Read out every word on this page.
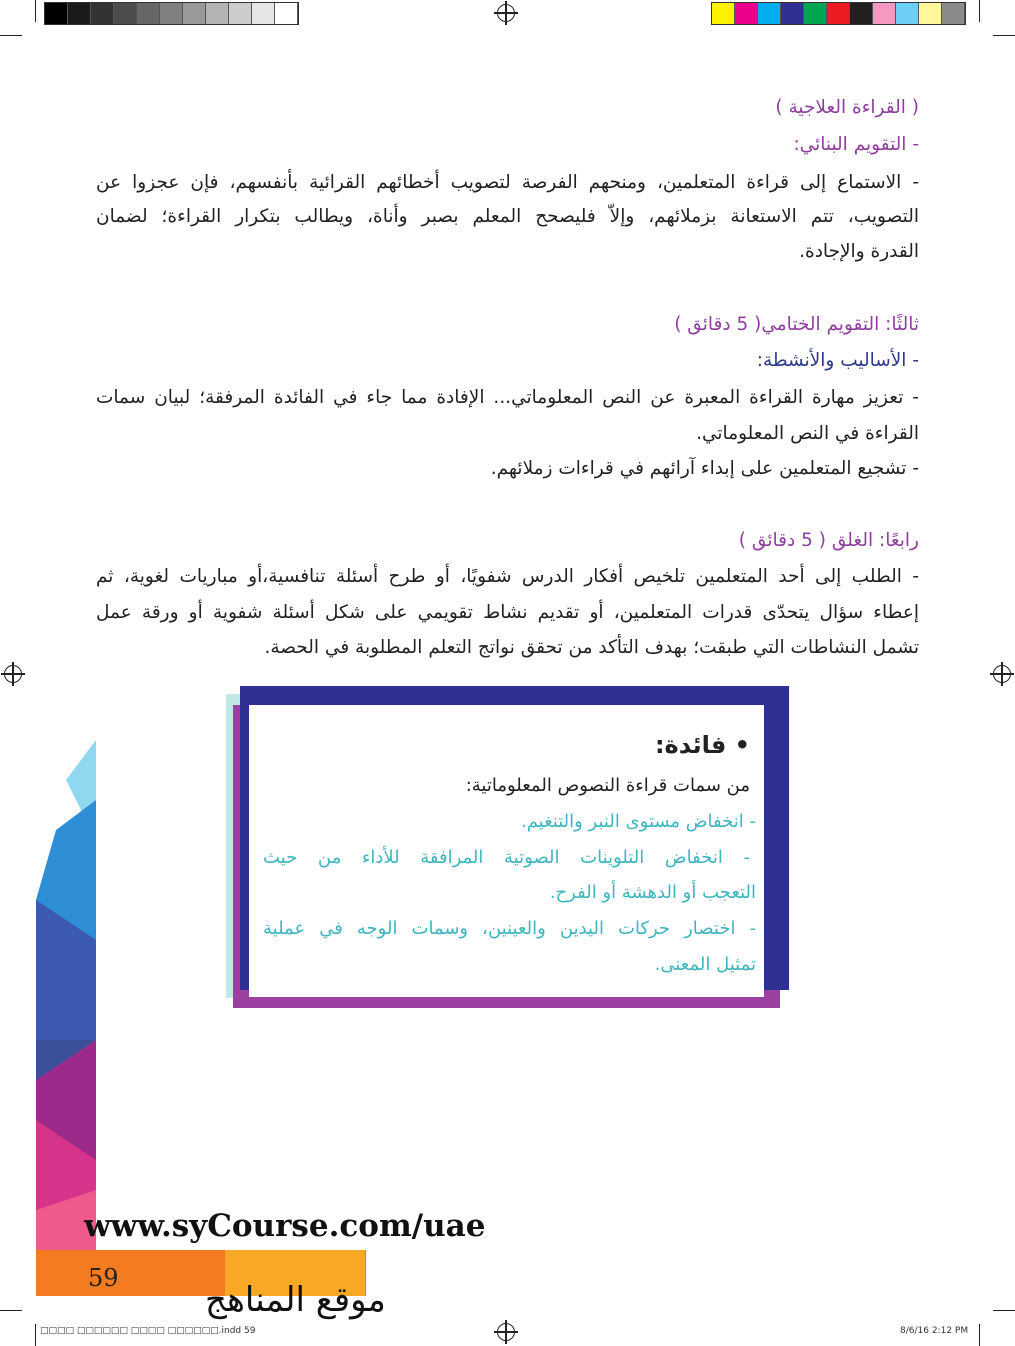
( القراءة العلاجية )
- التقويم البنائي:
- الاستماع إلى قراءة المتعلمين، ومنحهم الفرصة لتصويب أخطائهم القرائية بأنفسهم، فإن عجزوا عن
التصويب، تتم الاستعانة بزملائهم، وإلاّ فليصحح المعلم بصبر وأناة، ويطالب بتكرار القراءة؛ لضمان
القدرة والإجادة.
ثالثًا: التقويم الختامي( 5 دقائق )
- الأساليب والأنشطة:
- تعزيز مهارة القراءة المعبرة عن النص المعلوماتي... الإفادة مما جاء في الفائدة المرفقة؛ لبيان سمات
القراءة في النص المعلوماتي.
- تشجيع المتعلمين على إبداء آرائهم في قراءات زملائهم.
رابعًا: الغلق ( 5 دقائق )
- الطلب إلى أحد المتعلمين تلخيص أفكار الدرس شفويًا، أو طرح أسئلة تنافسية،أو مباريات لغوية، ثم
إعطاء سؤال يتحدّى قدرات المتعلمين، أو تقديم نشاط تقويمي على شكل أسئلة شفوية أو ورقة عمل
تشمل النشاطات التي طبقت؛ بهدف التأكد من تحقق نواتج التعلم المطلوبة في الحصة.
• فائدة:
من سمات قراءة النصوص المعلوماتية:
- انخفاض مستوى النبر والتنغيم.
- انخفاض التلوينات الصوتية المرافقة للأداء من حيث
التعجب أو الدهشة أو الفرح.
- اختصار حركات اليدين والعينين، وسمات الوجه في عملية
تمثيل المعنى.
www.syCourse.com/uae
59
موقع المناهج
□□□□ □□□□□□ □□□□ □□□□□□.indd 59	8/6/16 2:12 PM
